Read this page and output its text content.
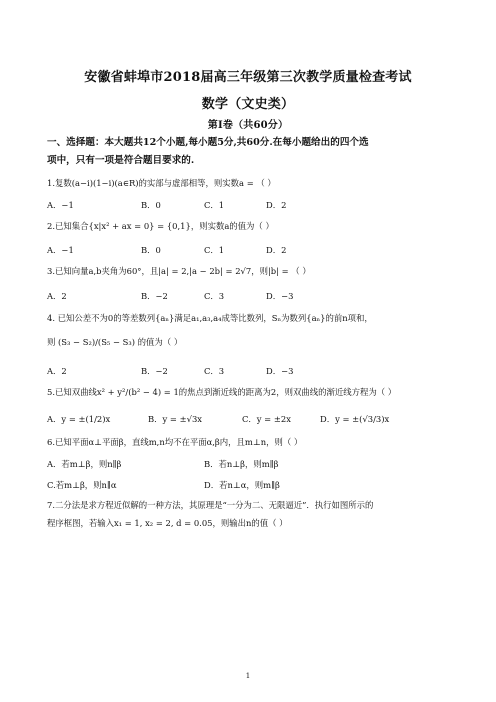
安徽省蚌埠市2018届高三年级第三次教学质量检查考试
数学（文史类）
第Ⅰ卷（共60分）
一、选择题：本大题共12个小题,每小题5分,共60分.在每小题给出的四个选
项中，只有一项是符合题目要求的.
1.复数(a−i)(1−i)(a∈R)的实部与虚部相等，则实数a = （ ）
A．−1	B．0	C．1	D．2
2.已知集合{x|x² + ax = 0} = {0,1}，则实数a的值为（ ）
A．−1	B．0	C．1	D．2
3.已知向量a,b夹角为60°，且|a| = 2,|a − 2b| = 2√7，则|b| = （ ）
A．2	B．−2	C．3	D．−3
4. 已知公差不为0的等差数列{aₙ}满足a₁,a₃,a₄成等比数列，Sₙ为数列{aₙ}的前n项和，
则 (S₃ − S₂)/(S₅ − S₃) 的值为（ ）
A．2	B．−2	C．3	D．−3
5.已知双曲线x² + y²/(b² − 4) = 1的焦点到渐近线的距离为2，则双曲线的渐近线方程为（ ）
A．y = ±(1/2)x	B．y = ±√3x	C．y = ±2x	D．y = ±(√3/3)x
6.已知平面α⊥平面β，直线m,n均不在平面α,β内，且m⊥n，则（ ）
A．若m⊥β，则n∥β	B．若n⊥β，则m∥β
C.若m⊥β，则n∥α	D．若n⊥α，则m∥β
7.二分法是求方程近似解的一种方法，其原理是“一分为二、无限逼近”．执行如图所示的
程序框图，若输入x₁ = 1, x₂ = 2, d = 0.05，则输出n的值（ ）
1
